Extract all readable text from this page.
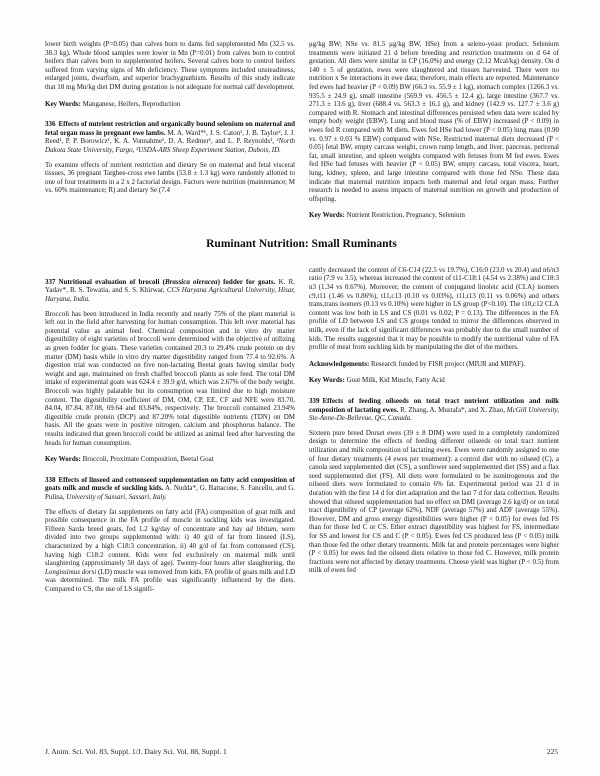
lower birth weights (P=0.05) than calves born to dams fed supplemented Mn (32.5 vs. 38.3 kg). Whole blood samples were lower in Mn (P=0.01) from calves born to control heifers than calves born to supplemented heifers. Several calves born to control heifers suffered from varying signs of Mn deficiency. These symptoms included unsteadiness, enlarged joints, dwarfism, and superior brachygnathism. Results of this study indicate that 18 mg Mn/kg diet DM during gestation is not adequate for normal calf development.

Key Words: Manganese, Heifers, Reproduction

336 Effects of nutrient restriction and organically bound selenium on maternal and fetal organ mass in pregnant ewe lambs. M. A. Ward*¹, J. S. Caton¹, J. B. Taylor², J. J. Reed¹, P. P. Borowicz¹, K. A. Vonnahme¹, D. A. Redmer¹, and L. P. Reynolds¹, ¹North Dakota State University, Fargo, ²USDA-ARS Sheep Experiment Station, Dubois, ID.

To examine effects of nutrient restriction and dietary Se on maternal and fetal visceral tissues, 36 pregnant Targhee-cross ewe lambs (53.8 ± 1.3 kg) were randomly allotted to one of four treatments in a 2 x 2 factorial design. Factors were nutrition (maintenance; M vs. 60% maintenance; R) and dietary Se (7.4

μg/kg BW; NSe vs. 81.5 μg/kg BW, HSe) from a seleno-yeast product. Selenium treatments were initiated 21 d before breeding and restriction treatments on d 64 of gestation. All diets were similar in CP (16.0%) and energy (2.12 Mcal/kg) density. On d 140 ± 5 of gestation, ewes were slaughtered and tissues harvested. There were no nutrition x Se interactions in ewe data; therefore, main effects are reported. Maintenance fed ewes had heavier (P < 0.09) BW (66.3 vs. 55.9 ± 1 kg), stomach complex (1266.3 vs. 935.5 ± 24.9 g), small intestine (569.9 vs. 456.5 ± 12.4 g), large intestine (367.7 vs. 271.3 ± 13.6 g), liver (688.4 vs. 563.3 ± 16.1 g), and kidney (142.9 vs. 127.7 ± 3.6 g) compared with R. Stomach and intestinal differences persisted when data were scaled by empty body weight (EBW). Lung and blood mass (% of EBW) increased (P < 0.09) in ewes fed R compared with M diets. Ewes fed HSe had lower (P < 0.05) lung mass (0.90 vs. 0.97 ± 0.03 % EBW) compared with NSe. Restricted maternal diets decreased (P < 0.05) fetal BW, empty carcass weight, crown rump length, and liver, pancreas, perirenal fat, small intestine, and spleen weights compared with fetuses from M fed ewes. Ewes fed HSe had fetuses with heavier (P < 0.05) BW, empty carcass, total viscera, heart, lung, kidney, spleen, and large intestine compared with those fed NSe. These data indicate that maternal nutrition impacts both maternal and fetal organ mass. Further research is needed to assess impacts of maternal nutrition on growth and production of offspring.

Key Words: Nutrient Restriction, Pregnancy, Selenium

Ruminant Nutrition: Small Ruminants

337 Nutritional evaluation of brocoli (Brassica oleracea) fodder for goats. K. R. Yadav*, B. S. Tewatia, and S. S. Khirwar, CCS Haryana Agricultural University, Hisar, Haryana, India.

Broccoli has been introduced in India recently and nearly 75% of the plant material is left out in the field after harvesting for human consumption. This left over material has potential value as animal feed. Chemical composition and in vitro dry matter digestibility of eight varieties of broccoli were determined with the objective of utilizing as green fodder for goats. These varieties contained 20.3 to 29.4% crude protein on dry matter (DM) basis while in vitro dry matter digestibility ranged from 77.4 to 92.6%. A digestion trial was conducted on five non-lactating Beetal goats having similar body weight and age, maintained on fresh chaffed broccoli plants as sole feed. The total DM intake of experimental goats was 624.4 ± 39.9 g/d, which was 2.67% of the body weight. Broccoli was highly palatable but its consumption was limited due to high moisture content. The digestibility coefficient of DM, OM, CP, EE, CF and NFE were 83.70, 84.04, 87.84, 87.08, 69.64 and 83.84%, respectively. The broccoli contained 23.94% digestible crude protein (DCP) and 87.20% total digestible nutrients (TDN) on DM basis. All the goats were in positive nitrogen, calcium and phosphorus balance. The results indicated that green broccoli could be utilized as animal feed after harvesting the heads for human consumption.

Key Words: Broccoli, Proximate Composition, Beetal Goat

338 Effects of linseed and cottonseed supplementation on fatty acid composition of goats milk and muscle of suckling kids. A. Nudda*, G. Battacone, S. Fancellu, and G. Pulina, University of Sassari, Sassari, Italy.

The effects of dietary fat supplements on fatty acid (FA) composition of goat milk and possible consequence in the FA profile of muscle in suckling kids was investigated. Fifteen Sarda breed goats, fed 1.2 kg/day of concentrate and hay ad libitum, were divided into two groups supplemented with: i) 40 g/d of fat from linseed (LS), characterized by a high C18:3 concentration, ii) 40 g/d of fat from cottonseed (CS), having high C18:2 content. Kids were fed exclusively on maternal milk until slaughtering (approximately 50 days of age). Twenty-four hours after slaughtering, the Longissimus dorsi (LD) muscle was removed from kids. FA profile of goats milk and LD was determined. The milk FA profile was significantly influenced by the diets. Compared to CS, the use of LS signifi-

cantly decreased the content of C6-C14 (22.5 vs 19.7%), C16:0 (23.0 vs 20.4) and n6/n3 ratio (7.9 vs 3.5), whereas increased the content of t11-C18:1 (4.54 vs 2.38%) and C18:3 n3 (1.34 vs 0.67%). Moreover, the content of conjugated linoleic acid (CLA) isomers c9,t11 (1.46 vs 0.86%), t11,c13 (0.10 vs 0.03%), t11,t13 (0.11 vs 0.06%) and others trans,trans isomers (0.13 vs 0.10%) were higher in LS group (P<0.10). The t10,c12 CLA content was low both in LS and CS (0.01 vs 0.02; P = 0.13). The differences in the FA profile of LD between LS and CS groups tended to mirror the differences observed in milk, even if the lack of significant differences was probably due to the small number of kids. The results suggested that it may be possible to modify the nutritional value of FA profile of meat from suckling kids by manipulating the diet of the mothers.

Acknowledgements: Research funded by FISR project (MIUR and MIPAF).

Key Words: Goat Milk, Kid Muscle, Fatty Acid

339 Effects of feeding oilseeds on total tract nutrient utilization and milk composition of lactating ewes. R. Zhang, A. Mustafa*, and X. Zhao, McGill University, Ste-Anne-De-Bellevue, QC, Canada.

Sixteen pure breed Dorset ewes (39 ± 8 DIM) were used in a completely randomized design to determine the effects of feeding different oilseeds on total tract nutrient utilization and milk composition of lactating ewes. Ewes were randomly assigned to one of four dietary treatments (4 ewes per treatment): a control diet with no oilseed (C), a canola seed supplemented diet (CS), a sunflower seed supplemented diet (SS) and a flax seed supplemented diet (FS). All diets were formulated to be isonitrogenous and the oilseed diets were formulated to contain 6% fat. Experimental period was 21 d in duration with the first 14 d for diet adaptation and the last 7 d for data collection. Results showed that oilseed supplementation had no effect on DMI (average 2.6 kg/d) or on total tract digestibility of CP (average 62%), NDF (average 57%) and ADF (average 55%). However, DM and gross energy digestibilities were higher (P < 0.05) for ewes fed FS than for those fed C or CS. Ether extract digestibility was highest for FS, intermediate for SS and lowest for CS and C (P < 0.05). Ewes fed CS produced less (P < 0.05) milk than those fed the other dietary treatments. Milk fat and protein percentages were higher (P < 0.05) for ewes fed the oilseed diets relative to those fed C. However, milk protein fractions were not affected by dietary treatments. Cheese yield was higher (P < 0.5) from milk of ewes fed

J. Anim. Sci. Vol. 83, Suppl. 1/J. Dairy Sci. Vol. 88, Suppl. 1	225
